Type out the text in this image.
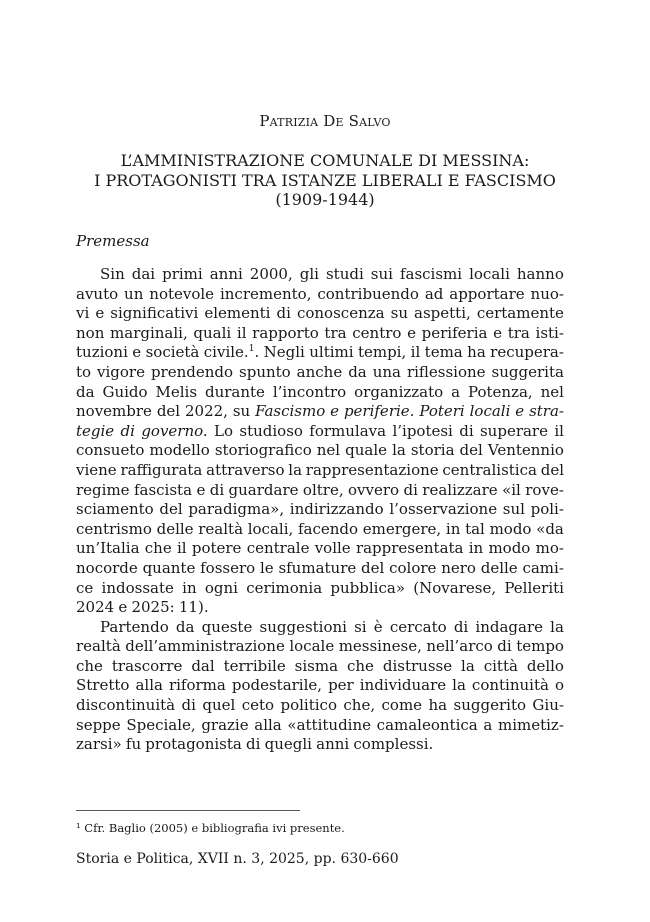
Patrizia De Salvo
L’AMMINISTRAZIONE COMUNALE DI MESSINA:
I PROTAGONISTI TRA ISTANZE LIBERALI E FASCISMO
(1909-1944)
Premessa
Sin dai primi anni 2000, gli studi sui fascismi locali hanno
avuto un notevole incremento, contribuendo ad apportare nuo-
vi e significativi elementi di conoscenza su aspetti, certamente
non marginali, quali il rapporto tra centro e periferia e tra isti-
tuzioni e società civile.$^1$. Negli ultimi tempi, il tema ha recupera-
to vigore prendendo spunto anche da una riflessione suggerita
da Guido Melis durante l’incontro organizzato a Potenza, nel
novembre del 2022, su Fascismo e periferie. Poteri locali e stra-
tegie di governo. Lo studioso formulava l’ipotesi di superare il
consueto modello storiografico nel quale la storia del Ventennio
viene raffigurata attraverso la rappresentazione centralistica del
regime fascista e di guardare oltre, ovvero di realizzare «il rove-
sciamento del paradigma», indirizzando l’osservazione sul poli-
centrismo delle realtà locali, facendo emergere, in tal modo «da
un’Italia che il potere centrale volle rappresentata in modo mo-
nocorde quante fossero le sfumature del colore nero delle cami-
ce indossate in ogni cerimonia pubblica» (Novarese, Pelleriti
2024 e 2025: 11).
Partendo da queste suggestioni si è cercato di indagare la
realtà dell’amministrazione locale messinese, nell’arco di tempo
che trascorre dal terribile sisma che distrusse la città dello
Stretto alla riforma podestarile, per individuare la continuità o
discontinuità di quel ceto politico che, come ha suggerito Giu-
seppe Speciale, grazie alla «attitudine camaleontica a mimetiz-
zarsi» fu protagonista di quegli anni complessi.
¹ Cfr. Baglio (2005) e bibliografia ivi presente.
Storia e Politica, XVII n. 3, 2025, pp. 630-660
